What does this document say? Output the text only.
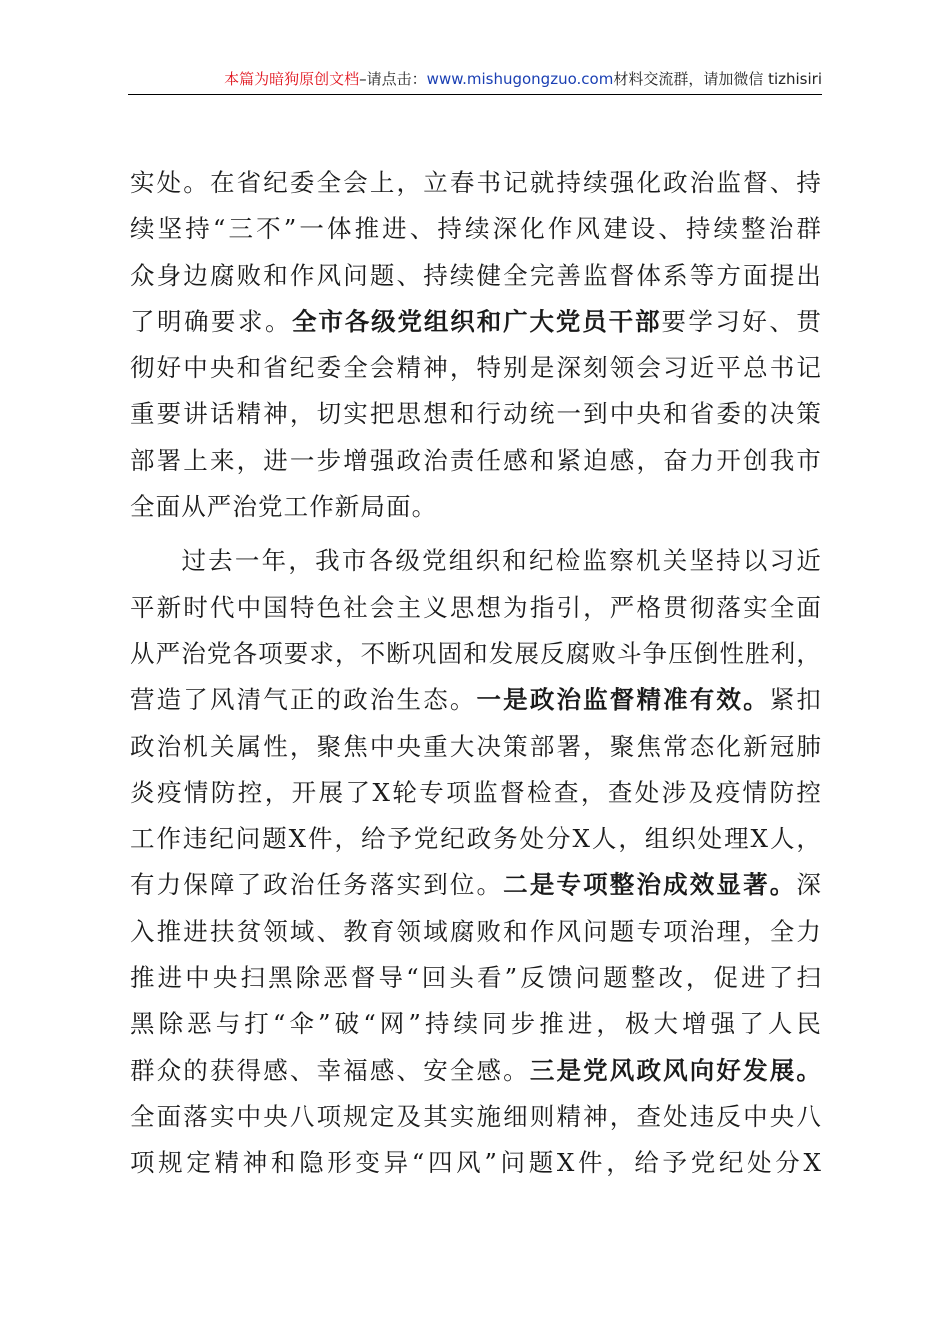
本篇为暗狗原创文档–请点击：www.mishugongzuo.com材料交流群，请加微信 tizhisiri

实处。在省纪委全会上，立春书记就持续强化政治监督、持
续坚持“三不”一体推进、持续深化作风建设、持续整治群
众身边腐败和作风问题、持续健全完善监督体系等方面提出
了明确要求。全市各级党组织和广大党员干部要学习好、贯
彻好中央和省纪委全会精神，特别是深刻领会习近平总书记
重要讲话精神，切实把思想和行动统一到中央和省委的决策
部署上来，进一步增强政治责任感和紧迫感，奋力开创我市
全面从严治党工作新局面。

过去一年，我市各级党组织和纪检监察机关坚持以习近
平新时代中国特色社会主义思想为指引，严格贯彻落实全面
从严治党各项要求，不断巩固和发展反腐败斗争压倒性胜利，
营造了风清气正的政治生态。一是政治监督精准有效。紧扣
政治机关属性，聚焦中央重大决策部署，聚焦常态化新冠肺
炎疫情防控，开展了X轮专项监督检查，查处涉及疫情防控
工作违纪问题X件，给予党纪政务处分X人，组织处理X人，
有力保障了政治任务落实到位。二是专项整治成效显著。深
入推进扶贫领域、教育领域腐败和作风问题专项治理，全力
推进中央扫黑除恶督导“回头看”反馈问题整改，促进了扫
黑除恶与打“伞”破“网”持续同步推进，极大增强了人民
群众的获得感、幸福感、安全感。三是党风政风向好发展。
全面落实中央八项规定及其实施细则精神，查处违反中央八
项规定精神和隐形变异“四风”问题X件，给予党纪处分X
